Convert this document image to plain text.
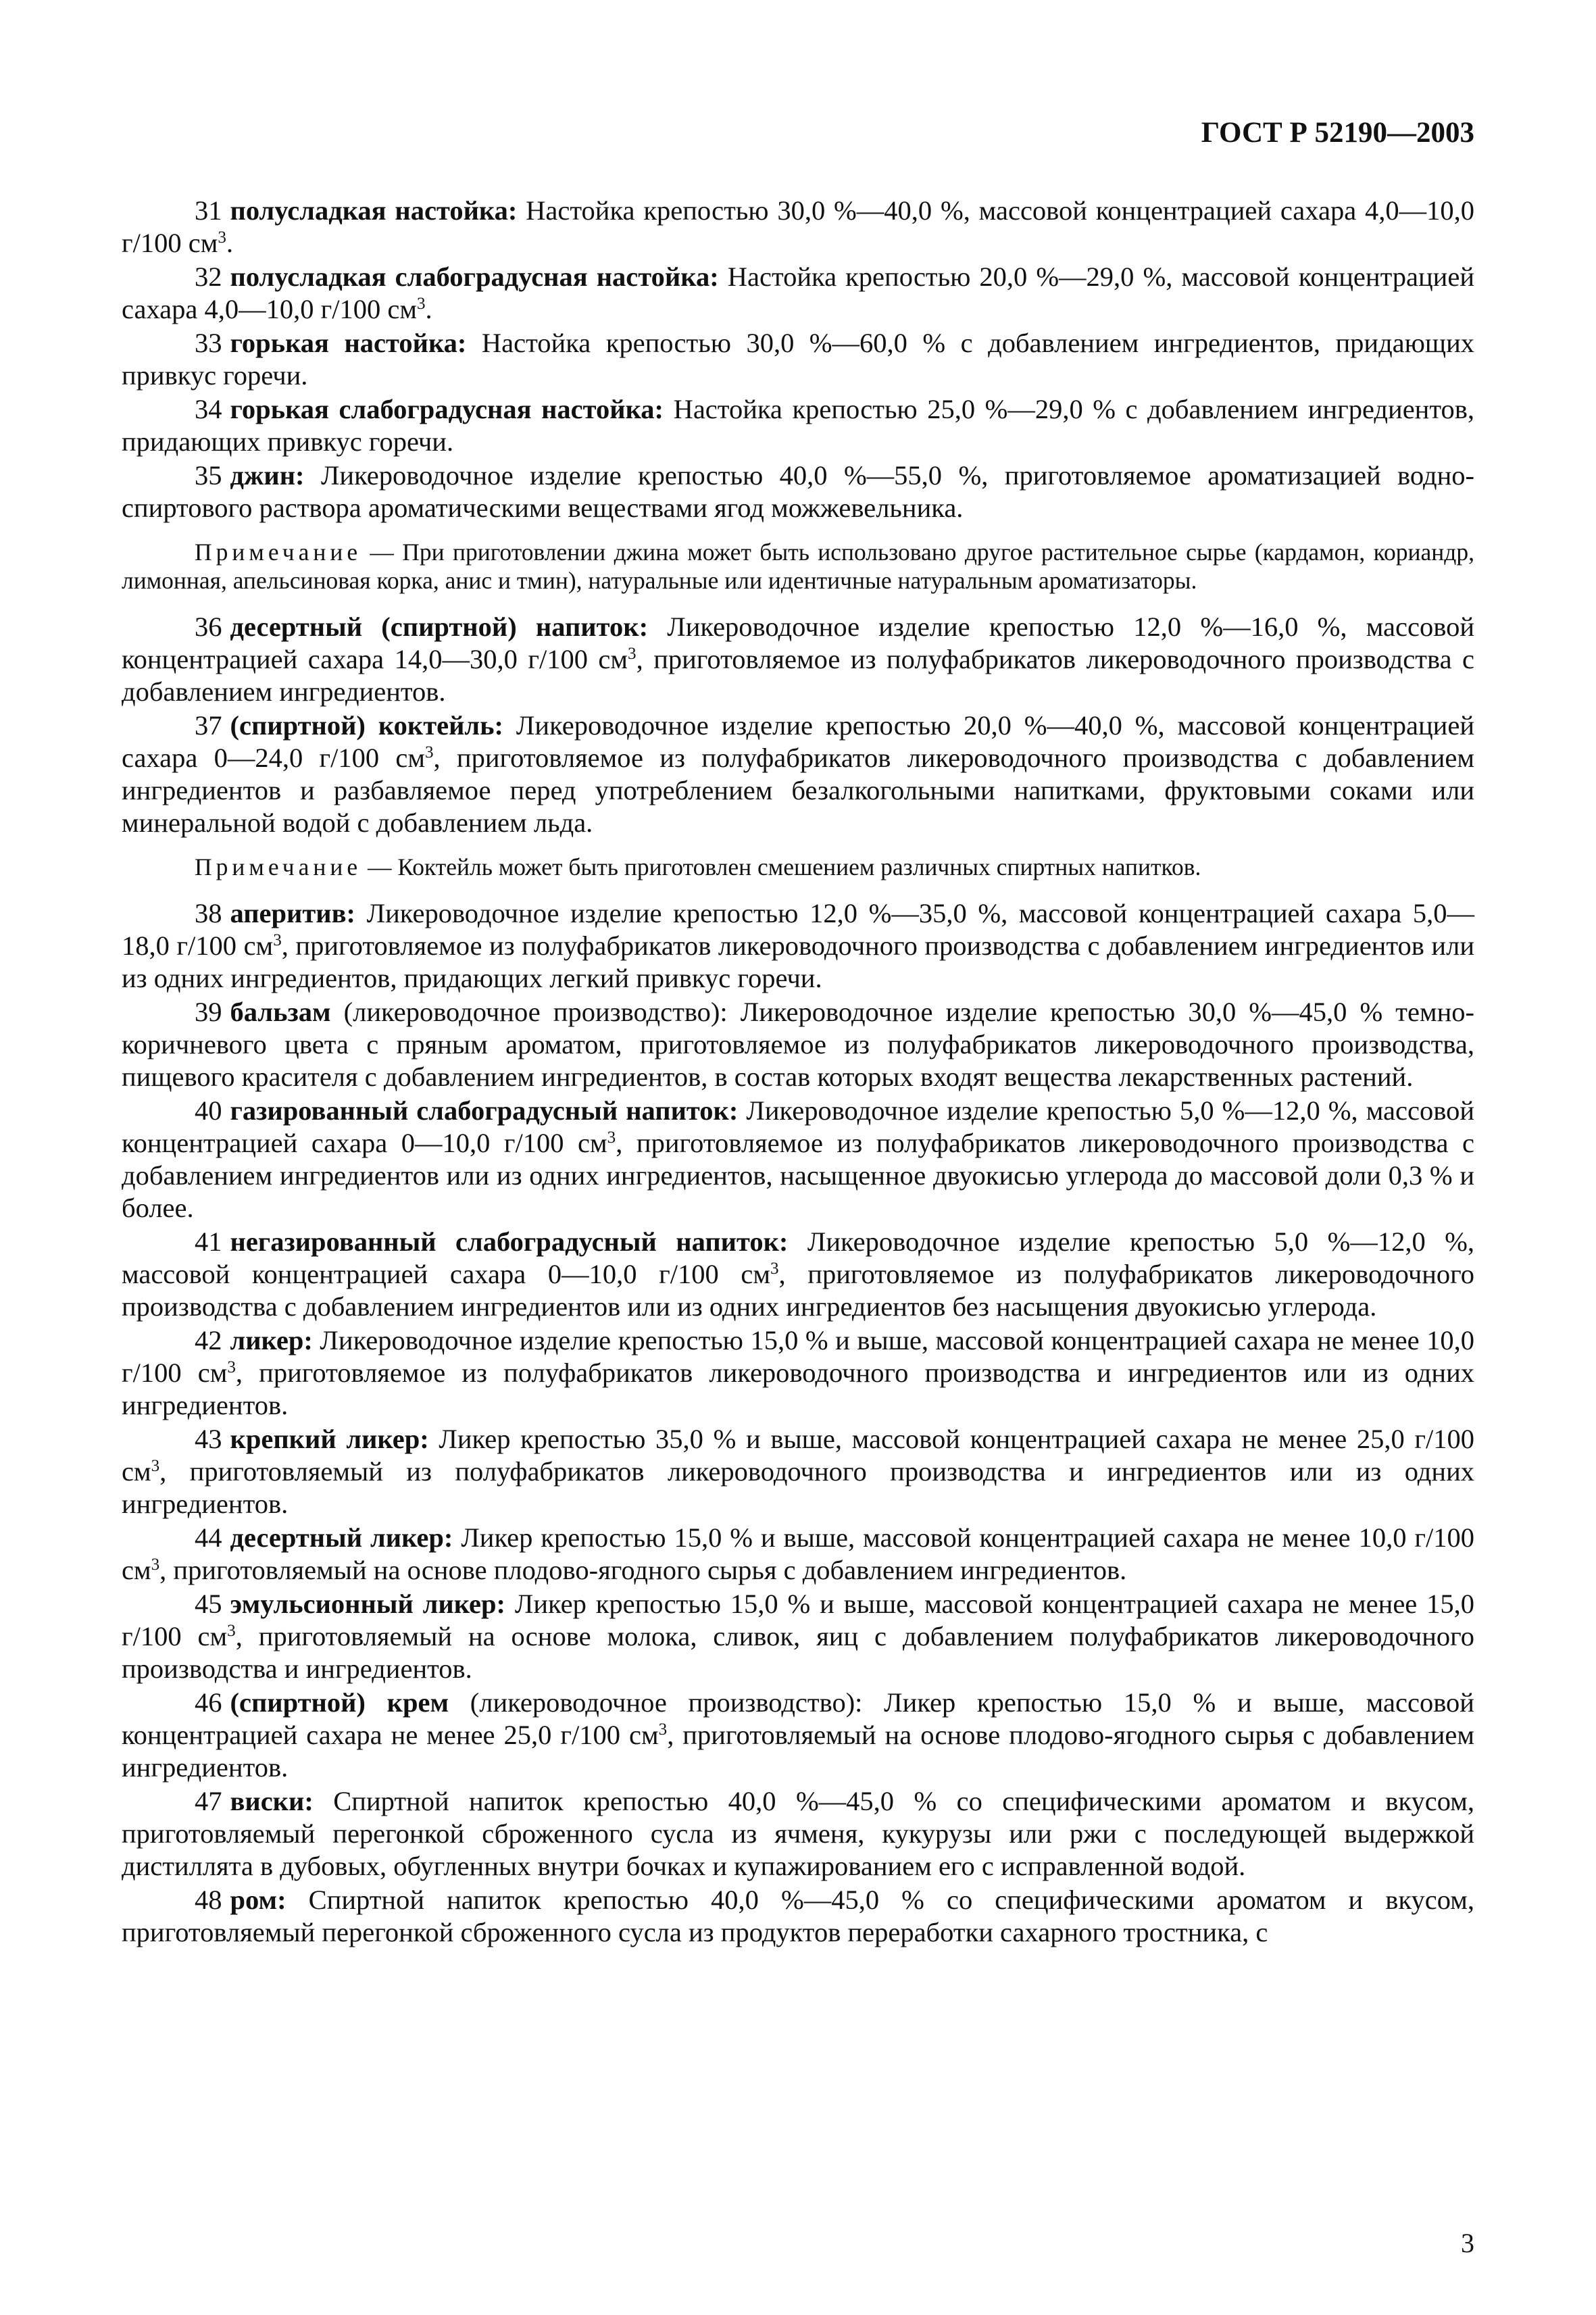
ГОСТ Р 52190—2003

31 полусладкая настойка: Настойка крепостью 30,0 %—40,0 %, массовой концентрацией сахара 4,0—10,0 г/100 $см^3$.

32 полусладкая слабоградусная настойка: Настойка крепостью 20,0 %—29,0 %, массовой концентрацией сахара 4,0—10,0 г/100 $см^3$.

33 горькая настойка: Настойка крепостью 30,0 %—60,0 % с добавлением ингредиентов, придающих привкус горечи.

34 горькая слабоградусная настойка: Настойка крепостью 25,0 %—29,0 % с добавлением ингредиентов, придающих привкус горечи.

35 джин: Ликероводочное изделие крепостью 40,0 %—55,0 %, приготовляемое ароматизацией водно-спиртового раствора ароматическими веществами ягод можжевельника.

Примечание — При приготовлении джина может быть использовано другое растительное сырье (кардамон, кориандр, лимонная, апельсиновая корка, анис и тмин), натуральные или идентичные натуральным ароматизаторы.

36 десертный (спиртной) напиток: Ликероводочное изделие крепостью 12,0 %—16,0 %, массовой концентрацией сахара 14,0—30,0 г/100 $см^3$, приготовляемое из полуфабрикатов ликероводочного производства с добавлением ингредиентов.

37 (спиртной) коктейль: Ликероводочное изделие крепостью 20,0 %—40,0 %, массовой концентрацией сахара 0—24,0 г/100 $см^3$, приготовляемое из полуфабрикатов ликероводочного производства с добавлением ингредиентов и разбавляемое перед употреблением безалкогольными напитками, фруктовыми соками или минеральной водой с добавлением льда.

Примечание — Коктейль может быть приготовлен смешением различных спиртных напитков.

38 аперитив: Ликероводочное изделие крепостью 12,0 %—35,0 %, массовой концентрацией сахара 5,0—18,0 г/100 $см^3$, приготовляемое из полуфабрикатов ликероводочного производства с добавлением ингредиентов или из одних ингредиентов, придающих легкий привкус горечи.

39 бальзам (ликероводочное производство): Ликероводочное изделие крепостью 30,0 %—45,0 % темно-коричневого цвета с пряным ароматом, приготовляемое из полуфабрикатов ликероводочного производства, пищевого красителя с добавлением ингредиентов, в состав которых входят вещества лекарственных растений.

40 газированный слабоградусный напиток: Ликероводочное изделие крепостью 5,0 %—12,0 %, массовой концентрацией сахара 0—10,0 г/100 $см^3$, приготовляемое из полуфабрикатов ликероводочного производства с добавлением ингредиентов или из одних ингредиентов, насыщенное двуокисью углерода до массовой доли 0,3 % и более.

41 негазированный слабоградусный напиток: Ликероводочное изделие крепостью 5,0 %—12,0 %, массовой концентрацией сахара 0—10,0 г/100 $см^3$, приготовляемое из полуфабрикатов ликероводочного производства с добавлением ингредиентов или из одних ингредиентов без насыщения двуокисью углерода.

42 ликер: Ликероводочное изделие крепостью 15,0 % и выше, массовой концентрацией сахара не менее 10,0 г/100 $см^3$, приготовляемое из полуфабрикатов ликероводочного производства и ингредиентов или из одних ингредиентов.

43 крепкий ликер: Ликер крепостью 35,0 % и выше, массовой концентрацией сахара не менее 25,0 г/100 $см^3$, приготовляемый из полуфабрикатов ликероводочного производства и ингредиентов или из одних ингредиентов.

44 десертный ликер: Ликер крепостью 15,0 % и выше, массовой концентрацией сахара не менее 10,0 г/100 $см^3$, приготовляемый на основе плодово-ягодного сырья с добавлением ингредиентов.

45 эмульсионный ликер: Ликер крепостью 15,0 % и выше, массовой концентрацией сахара не менее 15,0 г/100 $см^3$, приготовляемый на основе молока, сливок, яиц с добавлением полуфабрикатов ликероводочного производства и ингредиентов.

46 (спиртной) крем (ликероводочное производство): Ликер крепостью 15,0 % и выше, массовой концентрацией сахара не менее 25,0 г/100 $см^3$, приготовляемый на основе плодово-ягодного сырья с добавлением ингредиентов.

47 виски: Спиртной напиток крепостью 40,0 %—45,0 % со специфическими ароматом и вкусом, приготовляемый перегонкой сброженного сусла из ячменя, кукурузы или ржи с последующей выдержкой дистиллята в дубовых, обугленных внутри бочках и купажированием его с исправленной водой.

48 ром: Спиртной напиток крепостью 40,0 %—45,0 % со специфическими ароматом и вкусом, приготовляемый перегонкой сброженного сусла из продуктов переработки сахарного тростника, с

3
